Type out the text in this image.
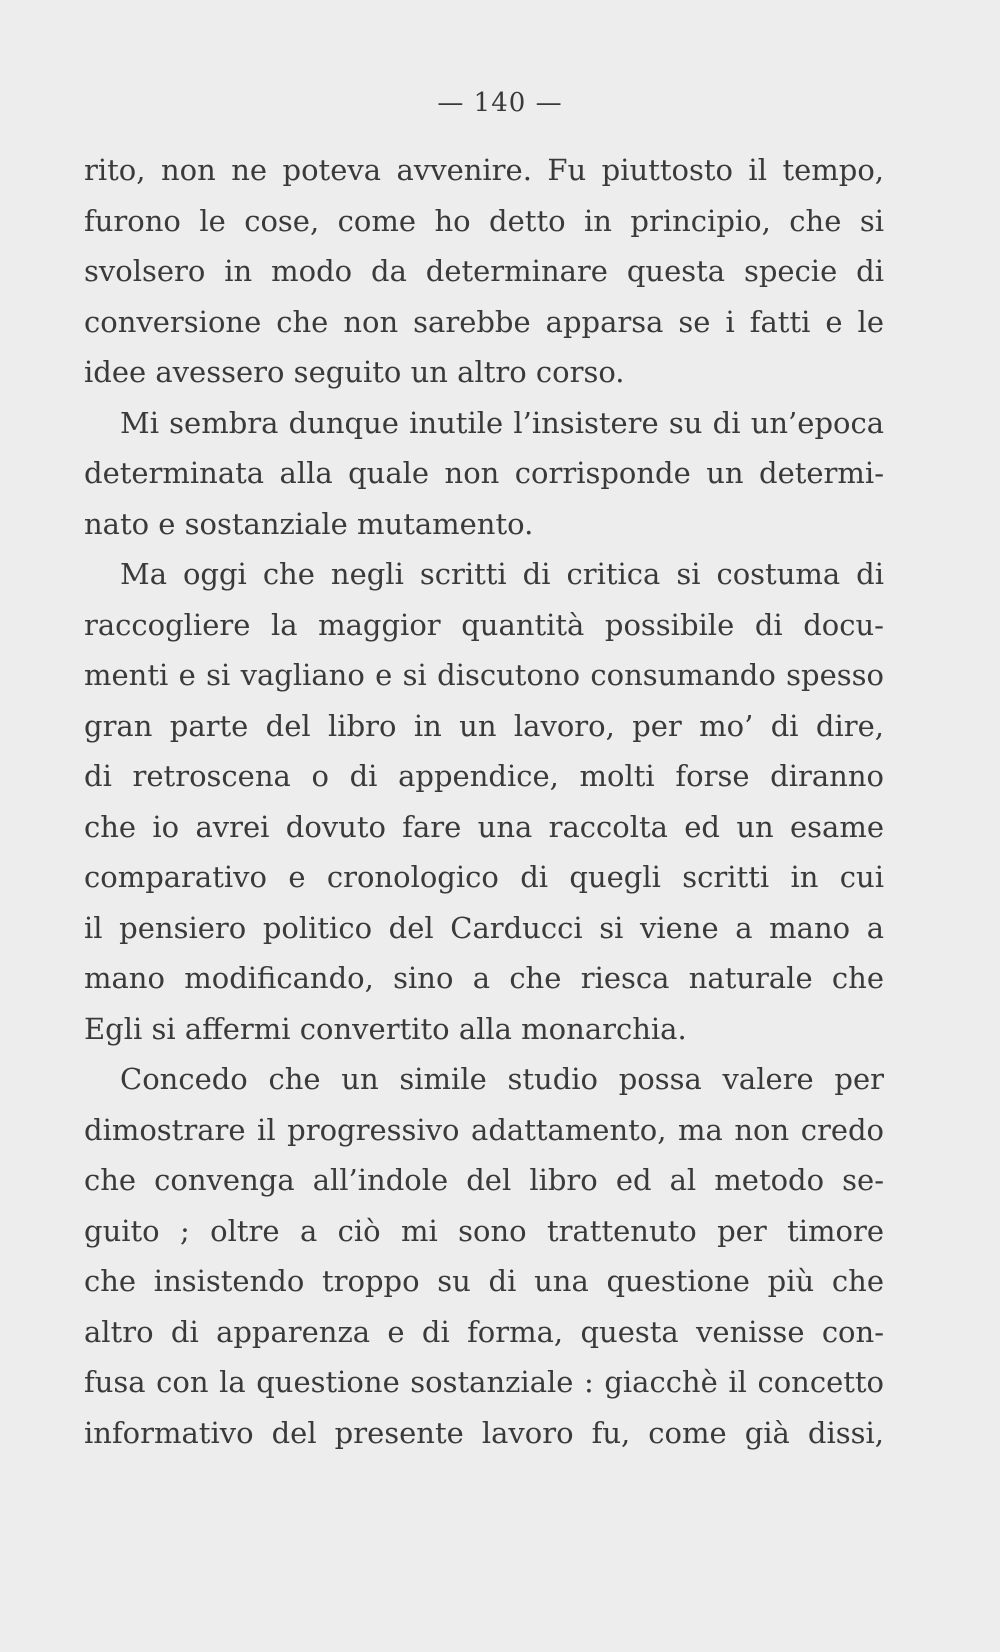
— 140 —
rito, non ne poteva avvenire. Fu piuttosto il tempo,
furono le cose, come ho detto in principio, che si
svolsero in modo da determinare questa specie di
conversione che non sarebbe apparsa se i fatti e le
idee avessero seguito un altro corso.
Mi sembra dunque inutile l’insistere su di un’epoca
determinata alla quale non corrisponde un determi-
nato e sostanziale mutamento.
Ma oggi che negli scritti di critica si costuma di
raccogliere la maggior quantità possibile di docu-
menti e si vagliano e si discutono consumando spesso
gran parte del libro in un lavoro, per mo’ di dire,
di retroscena o di appendice, molti forse diranno
che io avrei dovuto fare una raccolta ed un esame
comparativo e cronologico di quegli scritti in cui
il pensiero politico del Carducci si viene a mano a
mano modificando, sino a che riesca naturale che
Egli si affermi convertito alla monarchia.
Concedo che un simile studio possa valere per
dimostrare il progressivo adattamento, ma non credo
che convenga all’indole del libro ed al metodo se-
guito ; oltre a ciò mi sono trattenuto per timore
che insistendo troppo su di una questione più che
altro di apparenza e di forma, questa venisse con-
fusa con la questione sostanziale : giacchè il concetto
informativo del presente lavoro fu, come già dissi,
